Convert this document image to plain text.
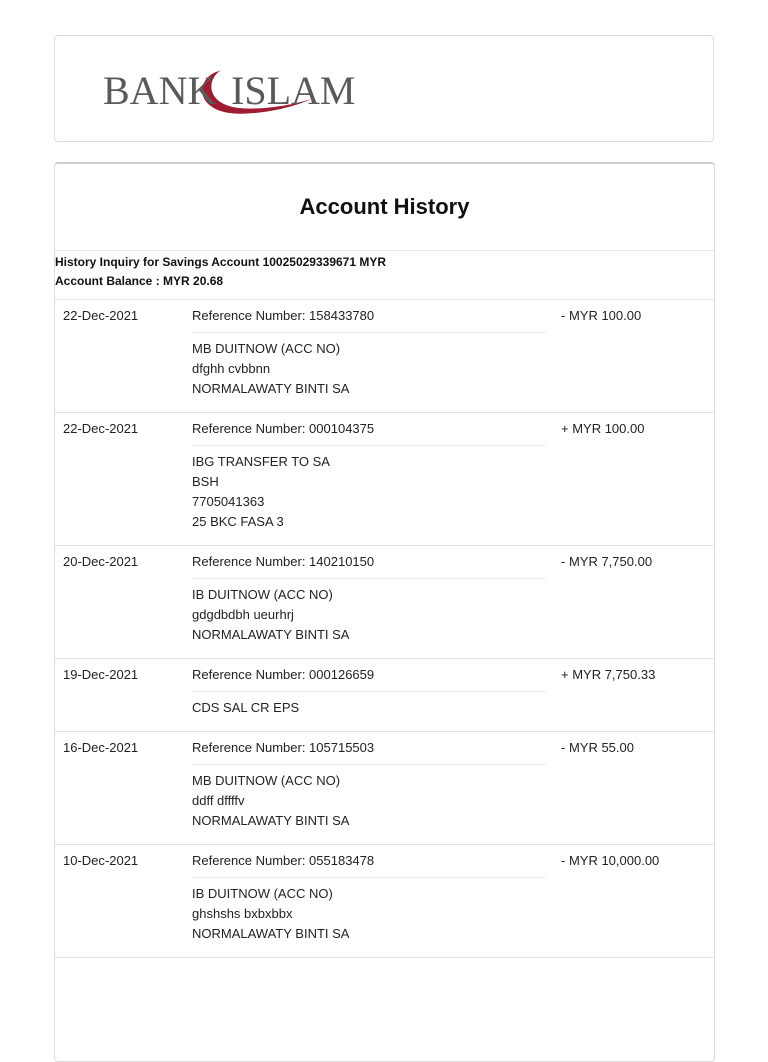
BANK ISLAM
Account History
History Inquiry for Savings Account 10025029339671 MYR
Account Balance : MYR 20.68
22-Dec-2021	Reference Number: 158433780
MB DUITNOW (ACC NO)
dfghh cvbbnn
NORMALAWATY BINTI SA
- MYR 100.00
22-Dec-2021	Reference Number: 000104375
IBG TRANSFER TO SA
BSH
7705041363
25 BKC FASA 3
+ MYR 100.00
20-Dec-2021	Reference Number: 140210150
IB DUITNOW (ACC NO)
gdgdbdbh ueurhrj
NORMALAWATY BINTI SA
- MYR 7,750.00
19-Dec-2021	Reference Number: 000126659
CDS SAL CR EPS
+ MYR 7,750.33
16-Dec-2021	Reference Number: 105715503
MB DUITNOW (ACC NO)
ddff dffffv
NORMALAWATY BINTI SA
- MYR 55.00
10-Dec-2021	Reference Number: 055183478
IB DUITNOW (ACC NO)
ghshshs bxbxbbx
NORMALAWATY BINTI SA
- MYR 10,000.00
